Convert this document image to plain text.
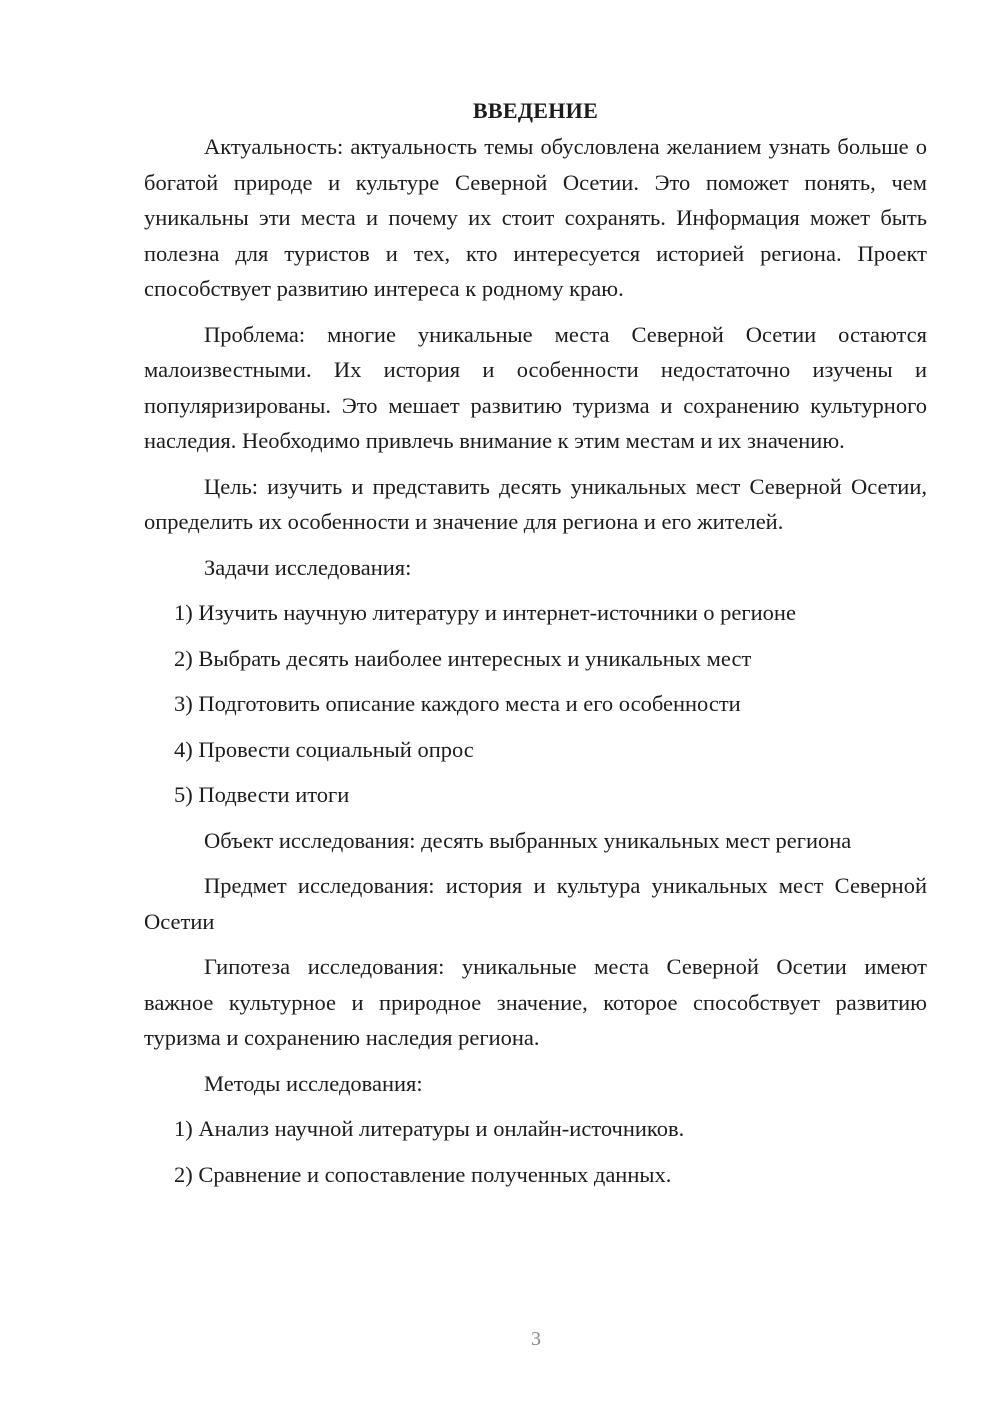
ВВЕДЕНИЕ

Актуальность: актуальность темы обусловлена желанием узнать больше о богатой природе и культуре Северной Осетии. Это поможет понять, чем уникальны эти места и почему их стоит сохранять. Информация может быть полезна для туристов и тех, кто интересуется историей региона. Проект способствует развитию интереса к родному краю.

Проблема: многие уникальные места Северной Осетии остаются малоизвестными. Их история и особенности недостаточно изучены и популяризированы. Это мешает развитию туризма и сохранению культурного наследия. Необходимо привлечь внимание к этим местам и их значению.

Цель: изучить и представить десять уникальных мест Северной Осетии, определить их особенности и значение для региона и его жителей.

Задачи исследования:

1) Изучить научную литературу и интернет-источники о регионе
2) Выбрать десять наиболее интересных и уникальных мест
3) Подготовить описание каждого места и его особенности
4) Провести социальный опрос
5) Подвести итоги

Объект исследования: десять выбранных уникальных мест региона

Предмет исследования: история и культура уникальных мест Северной Осетии

Гипотеза исследования: уникальные места Северной Осетии имеют важное культурное и природное значение, которое способствует развитию туризма и сохранению наследия региона.

Методы исследования:

1) Анализ научной литературы и онлайн-источников.
2) Сравнение и сопоставление полученных данных.
3
